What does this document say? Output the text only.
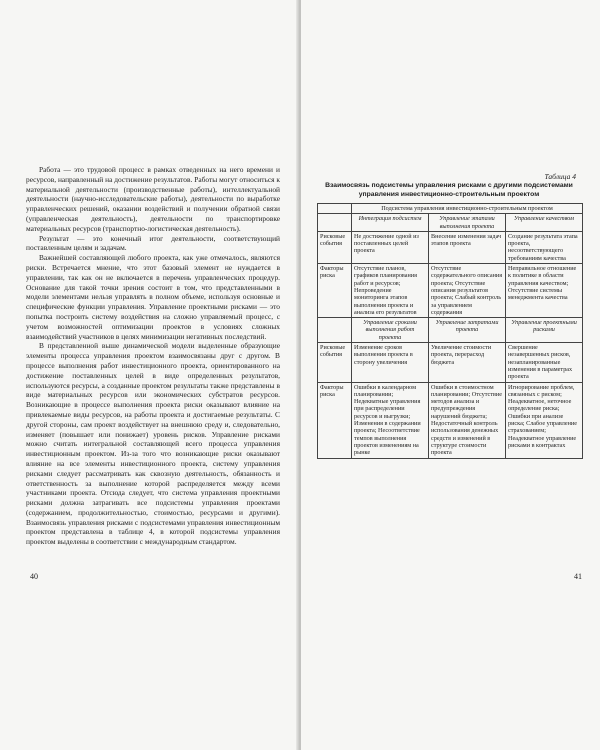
Работа — это трудовой процесс в рамках отведенных на него времени и ресурсов, направленный на достижение результатов. Работы могут относиться к материальной деятельности (производственные работы), интеллектуальной деятельности (научно-исследовательские работы), деятельности по выработке управленческих решений, оказании воздействий и получении обратной связи (управленческая деятельность), деятельности по транспортировке материальных ресурсов (транспортно-логистическая деятельность).

Результат — это конечный итог деятельности, соответствующий поставленным целям и задачам.

Важнейшей составляющей любого проекта, как уже отмечалось, являются риски. Встречается мнение, что этот базовый элемент не нуждается в управлении, так как он не включается в перечень управленческих процедур. Основание для такой точки зрения состоит в том, что представленными в модели элементами нельзя управлять в полном объеме, используя основные и специфические функции управления. Управление проектными рисками — это попытка построить систему воздействия на сложно управляемый процесс, с учетом возможностей оптимизации проектов в условиях сложных взаимодействий участников в целях минимизации негативных последствий.

В представленной выше динамической модели выделенные образующие элементы процесса управления проектом взаимосвязаны друг с другом. В процессе выполнения работ инвестиционного проекта, ориентированного на достижение поставленных целей в виде определенных результатов, используются ресурсы, а созданные проектом результаты также представлены в виде материальных ресурсов или экономических субстратов ресурсов. Возникающие в процессе выполнения проекта риски оказывают влияние на привлекаемые виды ресурсов, на работы проекта и достигаемые результаты. С другой стороны, сам проект воздействует на внешнюю среду и, следовательно, изменяет (повышает или понижает) уровень рисков. Управление рисками можно считать интегральной составляющей всего процесса управления инвестиционным проектом. Из-за того что возникающие риски оказывают влияние на все элементы инвестиционного проекта, систему управления рисками следует рассматривать как сквозную деятельность, обязанность и ответственность за выполнение которой распределяется между всеми участниками проекта. Отсюда следует, что система управления проектными рисками должна затрагивать все подсистемы управления проектами (содержанием, продолжительностью, стоимостью, ресурсами и другими). Взаимосвязь управления рисками с подсистемами управления инвестиционным проектом представлена в таблице 4, в которой подсистемы управления проектом выделены в соответствии с международным стандартом.

40
Таблица 4
Взаимосвязь подсистемы управления рисками с другими подсистемами управления инвестиционно-строительным проектом
	Подсистема управления инвестиционно-строительным проектом		
	Интеграция подсистем	Управление этапами выполнения проекта	Управление качеством
Рисковые события	Не достижение одной из поставленных целей проекта	Внесение изменения задач этапов проекта	Создание результата этапа проекта, несоответствующего требованиям качества
Факторы риска	Отсутствие планов, графиков планирования работ и ресурсов; Непроведение мониторинга этапов выполнения проекта и анализа его результатов	Отсутствие содержательного описания проекта; Отсутствие описания результатов проекта; Слабый контроль за управлением содержания	Неправильное отношение к политике в области управления качеством; Отсутствие системы менеджмента качества
	Управление сроками выполнения работ проекта	Управление затратами проекта	Управление проектными рисками
Рисковые события	Изменение сроков выполнения проекта в сторону увеличения	Увеличение стоимости проекта, перерасход бюджета	Свершение незавершенных рисков, незапланированные изменения в параметрах проекта
Факторы риска	Ошибки в календарном планировании; Недекватные управления при распределении ресурсов и выгрузки; Изменения в содержании проекта; Несоответствие темпов выполнения проектов изменениям на рынке	Ошибки в стоимостном планировании; Отсутствие методов анализа и предупреждения нарушений бюджета; Недостаточный контроль использования денежных средств и изменений в структуре стоимости проекта	Игнорирование проблем, связанных с риском; Неадекватное, неточное определение риска; Ошибки при анализе риска; Слабое управление страхованием; Неадекватное управление рисками в контрактах
41
